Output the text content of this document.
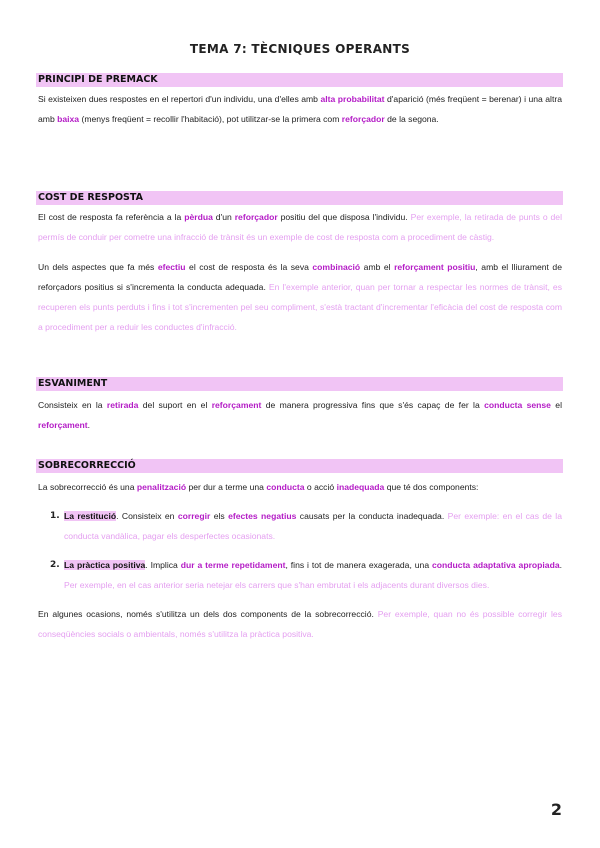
TEMA 7: TÈCNIQUES OPERANTS
PRINCIPI DE PREMACK

Si existeixen dues respostes en el repertori d'un individu, una d'elles amb alta probabilitat d'aparició (més freqüent = berenar) i una altra amb baixa (menys freqüent = recollir l'habitació), pot utilitzar-se la primera com reforçador de la segona.

COST DE RESPOSTA

El cost de resposta fa referència a la pèrdua d'un reforçador positiu del que disposa l'individu. Per exemple, la retirada de punts o del permís de conduir per cometre una infracció de trànsit és un exemple de cost de resposta com a procediment de càstig.

Un dels aspectes que fa més efectiu el cost de resposta és la seva combinació amb el reforçament positiu, amb el lliurament de reforçadors positius si s'incrementa la conducta adequada. En l'exemple anterior, quan per tornar a respectar les normes de trànsit, es recuperen els punts perduts i fins i tot s'incrementen pel seu compliment, s'està tractant d'incrementar l'eficàcia del cost de resposta com a procediment per a reduir les conductes d'infracció.

ESVANIMENT

Consisteix en la retirada del suport en el reforçament de manera progressiva fins que s'és capaç de fer la conducta sense el reforçament.

SOBRECORRECCIÓ

La sobrecorrecció és una penalització per dur a terme una conducta o acció inadequada que té dos components:

1. La restitució. Consisteix en corregir els efectes negatius causats per la conducta inadequada. Per exemple: en el cas de la conducta vandàlica, pagar els desperfectes ocasionats.

2. La pràctica positiva. Implica dur a terme repetidament, fins i tot de manera exagerada, una conducta adaptativa apropiada. Per exemple, en el cas anterior seria netejar els carrers que s'han embrutat i els adjacents durant diversos dies.

En algunes ocasions, només s'utilitza un dels dos components de la sobrecorrecció. Per exemple, quan no és possible corregir les conseqüències socials o ambientals, només s'utilitza la pràctica positiva.

2
